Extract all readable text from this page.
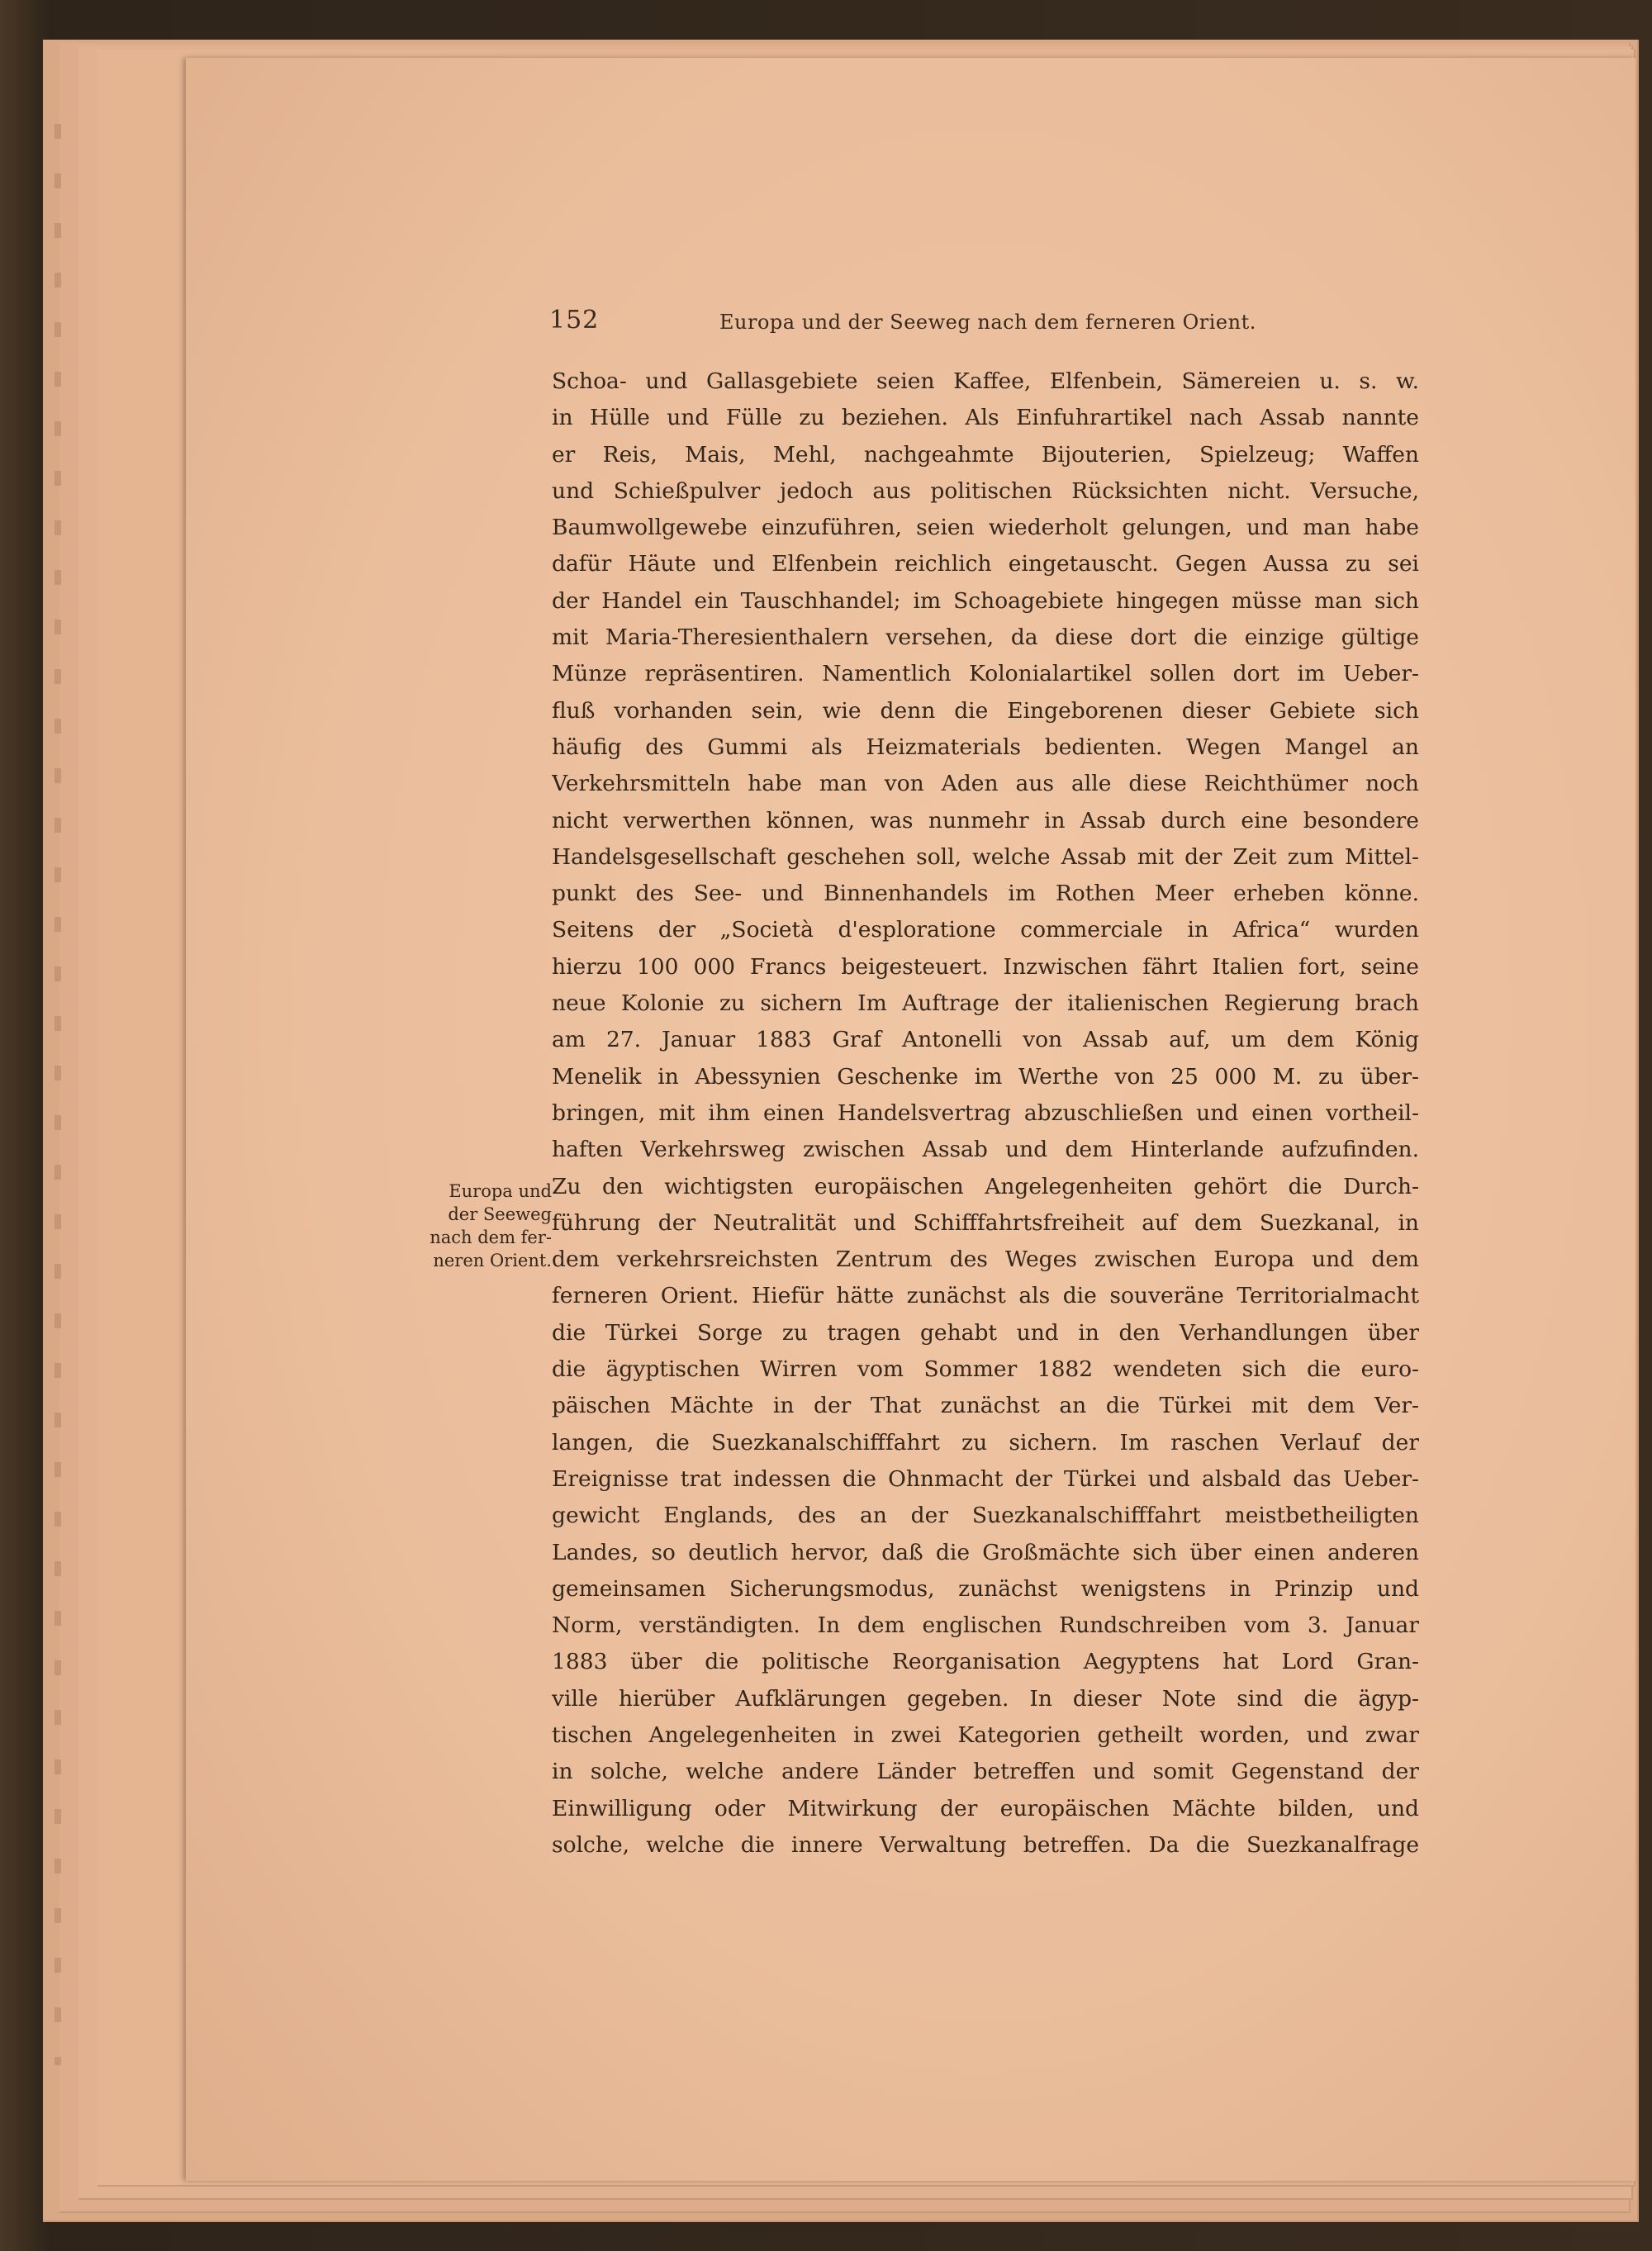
152	Europa und der Seeweg nach dem ferneren Orient.
Europa und
der Seeweg
nach dem fer-
neren Orient.
Schoa- und Gallasgebiete seien Kaffee, Elfenbein, Sämereien u. s. w.
in Hülle und Fülle zu beziehen. Als Einfuhrartikel nach Assab nannte
er Reis, Mais, Mehl, nachgeahmte Bijouterien, Spielzeug; Waffen
und Schießpulver jedoch aus politischen Rücksichten nicht. Versuche,
Baumwollgewebe einzuführen, seien wiederholt gelungen, und man habe
dafür Häute und Elfenbein reichlich eingetauscht. Gegen Aussa zu sei
der Handel ein Tauschhandel; im Schoagebiete hingegen müsse man sich
mit Maria-Theresienthalern versehen, da diese dort die einzige gültige
Münze repräsentiren. Namentlich Kolonialartikel sollen dort im Ueber-
fluß vorhanden sein, wie denn die Eingeborenen dieser Gebiete sich
häufig des Gummi als Heizmaterials bedienten. Wegen Mangel an
Verkehrsmitteln habe man von Aden aus alle diese Reichthümer noch
nicht verwerthen können, was nunmehr in Assab durch eine besondere
Handelsgesellschaft geschehen soll, welche Assab mit der Zeit zum Mittel-
punkt des See- und Binnenhandels im Rothen Meer erheben könne.
Seitens der „Società d'esploratione commerciale in Africa“ wurden
hierzu 100 000 Francs beigesteuert. Inzwischen fährt Italien fort, seine
neue Kolonie zu sichern Im Auftrage der italienischen Regierung brach
am 27. Januar 1883 Graf Antonelli von Assab auf, um dem König
Menelik in Abessynien Geschenke im Werthe von 25 000 M. zu über-
bringen, mit ihm einen Handelsvertrag abzuschließen und einen vortheil-
haften Verkehrsweg zwischen Assab und dem Hinterlande aufzufinden.
Zu den wichtigsten europäischen Angelegenheiten gehört die Durch-
führung der Neutralität und Schifffahrtsfreiheit auf dem Suezkanal, in
dem verkehrsreichsten Zentrum des Weges zwischen Europa und dem
ferneren Orient. Hiefür hätte zunächst als die souveräne Territorialmacht
die Türkei Sorge zu tragen gehabt und in den Verhandlungen über
die ägyptischen Wirren vom Sommer 1882 wendeten sich die euro-
päischen Mächte in der That zunächst an die Türkei mit dem Ver-
langen, die Suezkanalschifffahrt zu sichern. Im raschen Verlauf der
Ereignisse trat indessen die Ohnmacht der Türkei und alsbald das Ueber-
gewicht Englands, des an der Suezkanalschifffahrt meistbetheiligten
Landes, so deutlich hervor, daß die Großmächte sich über einen anderen
gemeinsamen Sicherungsmodus, zunächst wenigstens in Prinzip und
Norm, verständigten. In dem englischen Rundschreiben vom 3. Januar
1883 über die politische Reorganisation Aegyptens hat Lord Gran-
ville hierüber Aufklärungen gegeben. In dieser Note sind die ägyp-
tischen Angelegenheiten in zwei Kategorien getheilt worden, und zwar
in solche, welche andere Länder betreffen und somit Gegenstand der
Einwilligung oder Mitwirkung der europäischen Mächte bilden, und
solche, welche die innere Verwaltung betreffen. Da die Suezkanalfrage
